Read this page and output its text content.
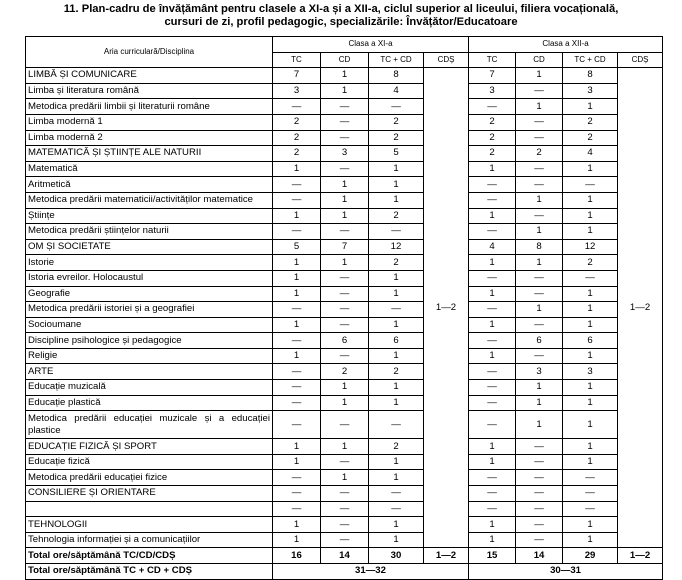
11. Plan-cadru de învățământ pentru clasele a XI-a și a XII-a, ciclul superior al liceului, filiera vocațională,
cursuri de zi, profil pedagogic, specializările: Învățător/Educatoare
Aria curriculară/Disciplina	Clasa a XI-a				Clasa a XII-a			
	TC	CD	TC + CD	CDȘ	TC	CD	TC + CD	CDȘ
LIMBĂ ȘI COMUNICARE	7	1	8	1—2	7	1	8	1—2
Limba și literatura română	3	1	4		3	—	3	
Metodica predării limbii și literaturii române	—	—	—		—	1	1	
Limba modernă 1	2	—	2		2	—	2	
Limba modernă 2	2	—	2		2	—	2	
MATEMATICĂ ȘI ȘTIINȚE ALE NATURII	2	3	5		2	2	4	
Matematică	1	—	1		1	—	1	
Aritmetică	—	1	1		—	—	—	
Metodica predării matematicii/activităților matematice	—	1	1		—	1	1	
Științe	1	1	2		1	—	1	
Metodica predării științelor naturii	—	—	—		—	1	1	
OM ȘI SOCIETATE	5	7	12		4	8	12	
Istorie	1	1	2		1	1	2	
Istoria evreilor. Holocaustul	1	—	1		—	—	—	
Geografie	1	—	1		1	—	1	
Metodica predării istoriei și a geografiei	—	—	—		—	1	1	
Socioumane	1	—	1		1	—	1	
Discipline psihologice și pedagogice	—	6	6		—	6	6	
Religie	1	—	1		1	—	1	
ARTE	—	2	2		—	3	3	
Educație muzicală	—	1	1		—	1	1	
Educație plastică	—	1	1		—	1	1	
Metodica predării educației muzicale și a educației plastice	—	—	—		—	1	1	
EDUCAȚIE FIZICĂ ȘI SPORT	1	1	2		1	—	1	
Educație fizică	1	—	1		1	—	1	
Metodica predării educației fizice	—	1	1		—	—	—	
CONSILIERE ȘI ORIENTARE	—	—	—		—	—	—	
	—	—	—		—	—	—	
TEHNOLOGII	1	—	1		1	—	1	
Tehnologia informației și a comunicațiilor	1	—	1		1	—	1	
Total ore/săptămână TC/CD/CDȘ	16	14	30	1—2	15	14	29	1—2
Total ore/săptămână TC + CD + CDȘ	31—32				30—31			
